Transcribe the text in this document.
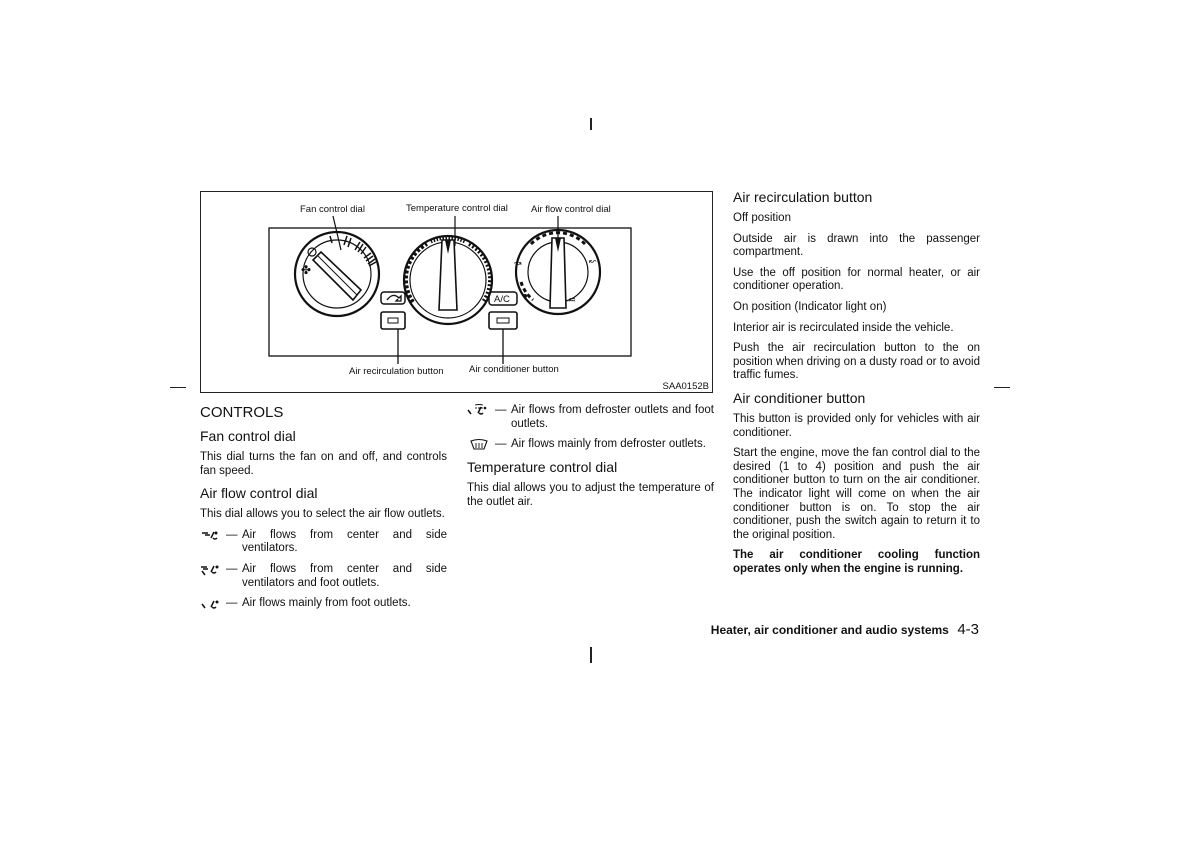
✤	↝	↜
♒
Fan control dial	Temperature control dial Air flow control dial
A/C
Air recirculation button	Air conditioner button
SAA0152B
CONTROLS
Fan control dial

This dial turns the fan on and off, and controls fan speed.

Air flow control dial

This dial allows you to select the air flow outlets.

— Air flows from center and side ventilators.
— Air flows from center and side ventilators and foot outlets.
— Air flows mainly from foot outlets.
— Air flows from defroster outlets and foot outlets.
— Air flows mainly from defroster outlets.
Temperature control dial

This dial allows you to adjust the temperature of the outlet air.

Air recirculation button

Off position

Outside air is drawn into the passenger compartment.

Use the off position for normal heater, or air conditioner operation.

On position (Indicator light on)

Interior air is recirculated inside the vehicle.

Push the air recirculation button to the on position when driving on a dusty road or to avoid traffic fumes.

Air conditioner button

This button is provided only for vehicles with air conditioner.

Start the engine, move the fan control dial to the desired (1 to 4) position and push the air conditioner button to turn on the air conditioner. The indicator light will come on when the air conditioner button is on. To stop the air conditioner, push the switch again to return it to the original position.

The air conditioner cooling function operates only when the engine is running.

Heater, air conditioner and audio systems 4-3
